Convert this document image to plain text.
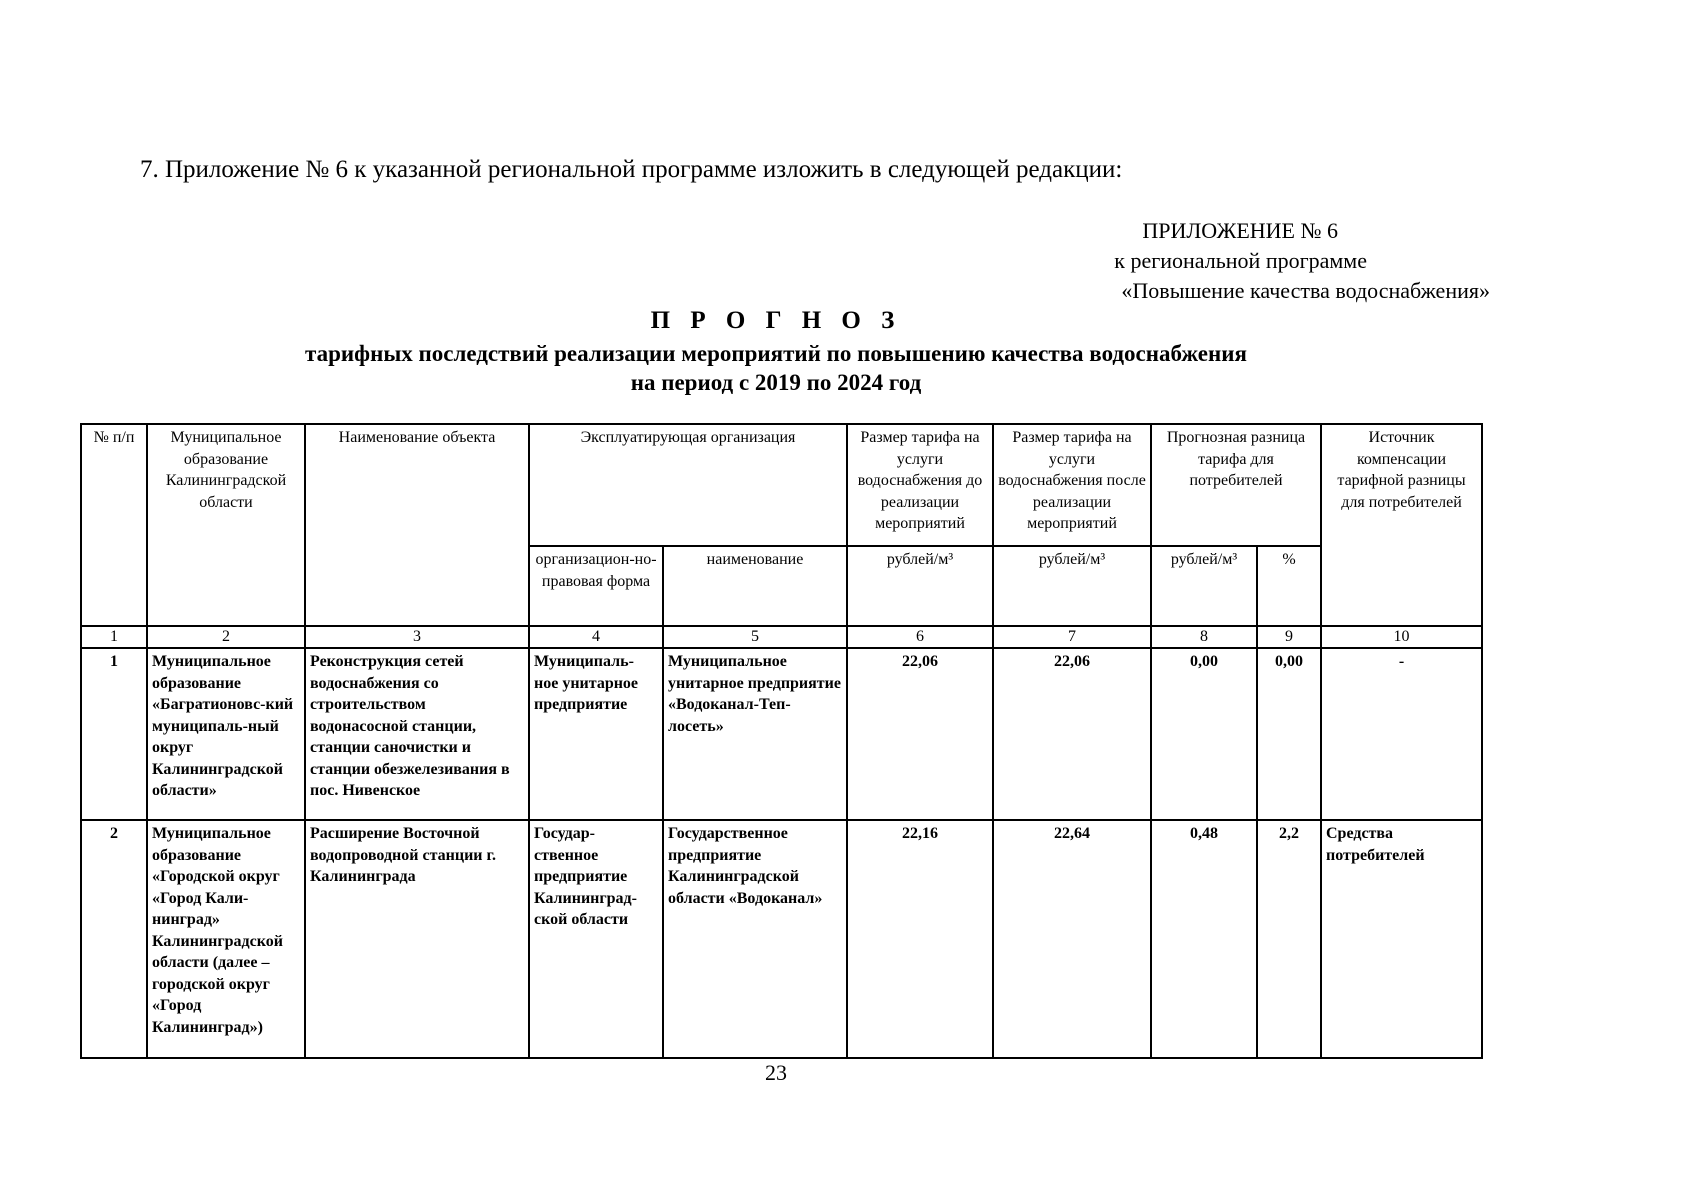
7. Приложение № 6 к указанной региональной программе изложить в следующей редакции:
ПРИЛОЖЕНИЕ № 6
к региональной программе
«Повышение качества водоснабжения»
П Р О Г Н О З
тарифных последствий реализации мероприятий по повышению качества водоснабжения
на период с 2019 по 2024 год
№ п/п	Муниципальное образование Калининградской области	Наименование объекта	Эксплуатирующая организация		Размер тарифа на услуги водоснабжения до реализации мероприятий	Размер тарифа на услуги водоснабжения после реализации мероприятий	Прогнозная разница тарифа для потребителей		Источник компенсации тарифной разницы для потребителей
			организацион-но-правовая форма	наименование	рублей/м³	рублей/м³	рублей/м³	%	
1	2	3	4	5	6	7	8	9	10
1	Муниципальное образование «Багратионовс-кий муниципаль-ный округ Калининградской области»	Реконструкция сетей водоснабжения со строительством водонасосной станции, станции саночистки и станции обезжелезивания в пос. Нивенское	Муниципаль-ное унитарное предприятие	Муниципальное унитарное предприятие «Водоканал-Теп-лосеть»	22,06	22,06	0,00	0,00	-
2	Муниципальное образование «Городской округ «Город Кали-нинград» Калининградской области (далее – городской округ «Город Калининград»)	Расширение Восточной водопроводной станции г. Калининграда	Государ-ственное предприятие Калининград-ской области	Государственное предприятие Калининградской области «Водоканал»	22,16	22,64	0,48	2,2	Средства потребителей
23
